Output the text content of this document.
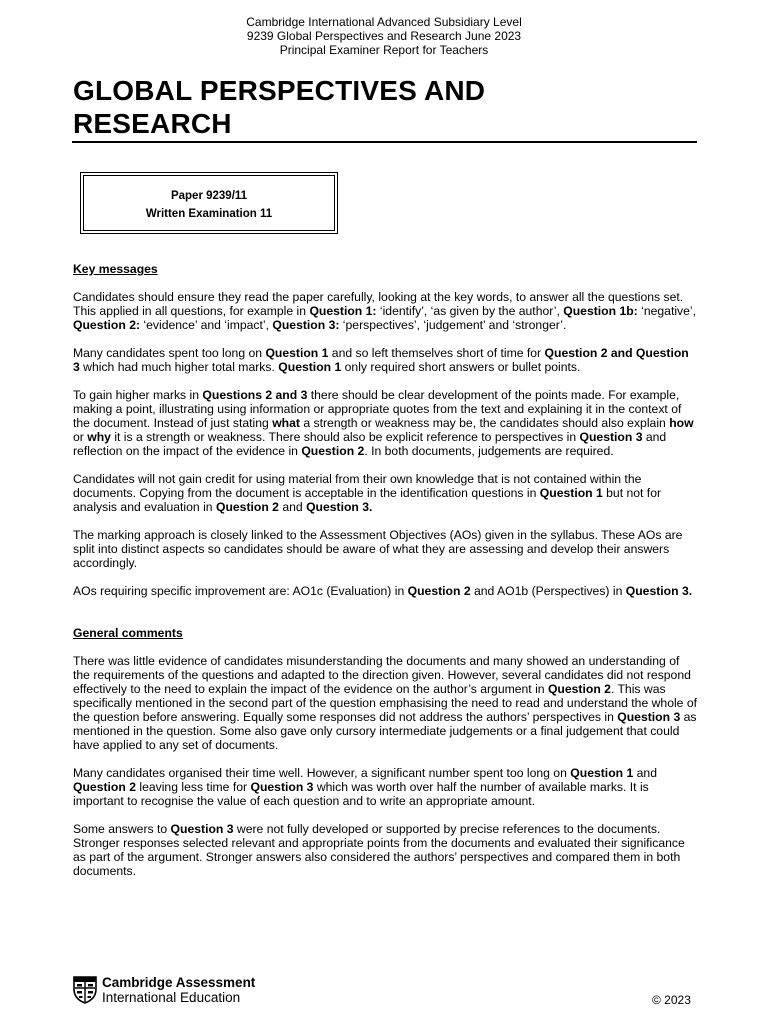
Cambridge International Advanced Subsidiary Level
9239 Global Perspectives and Research June 2023
Principal Examiner Report for Teachers
GLOBAL PERSPECTIVES AND
RESEARCH
Paper 9239/11
Written Examination 11
Key messages

Candidates should ensure they read the paper carefully, looking at the key words, to answer all the questions set. This applied in all questions, for example in Question 1: ‘identify’, ‘as given by the author’, Question 1b: ‘negative’, Question 2: ‘evidence’ and ‘impact’, Question 3: ‘perspectives’, ‘judgement’ and ‘stronger’.

Many candidates spent too long on Question 1 and so left themselves short of time for Question 2 and Question 3 which had much higher total marks. Question 1 only required short answers or bullet points.

To gain higher marks in Questions 2 and 3 there should be clear development of the points made. For example, making a point, illustrating using information or appropriate quotes from the text and explaining it in the context of the document. Instead of just stating what a strength or weakness may be, the candidates should also explain how or why it is a strength or weakness. There should also be explicit reference to perspectives in Question 3 and reflection on the impact of the evidence in Question 2. In both documents, judgements are required.

Candidates will not gain credit for using material from their own knowledge that is not contained within the documents. Copying from the document is acceptable in the identification questions in Question 1 but not for analysis and evaluation in Question 2 and Question 3.

The marking approach is closely linked to the Assessment Objectives (AOs) given in the syllabus. These AOs are split into distinct aspects so candidates should be aware of what they are assessing and develop their answers accordingly.

AOs requiring specific improvement are: AO1c (Evaluation) in Question 2 and AO1b (Perspectives) in Question 3.

General comments

There was little evidence of candidates misunderstanding the documents and many showed an understanding of the requirements of the questions and adapted to the direction given. However, several candidates did not respond effectively to the need to explain the impact of the evidence on the author’s argument in Question 2. This was specifically mentioned in the second part of the question emphasising the need to read and understand the whole of the question before answering. Equally some responses did not address the authors’ perspectives in Question 3 as mentioned in the question. Some also gave only cursory intermediate judgements or a final judgement that could have applied to any set of documents.

Many candidates organised their time well. However, a significant number spent too long on Question 1 and Question 2 leaving less time for Question 3 which was worth over half the number of available marks. It is important to recognise the value of each question and to write an appropriate amount.

Some answers to Question 3 were not fully developed or supported by precise references to the documents. Stronger responses selected relevant and appropriate points from the documents and evaluated their significance as part of the argument. Stronger answers also considered the authors’ perspectives and compared them in both documents.

Cambridge Assessment
International Education	© 2023
